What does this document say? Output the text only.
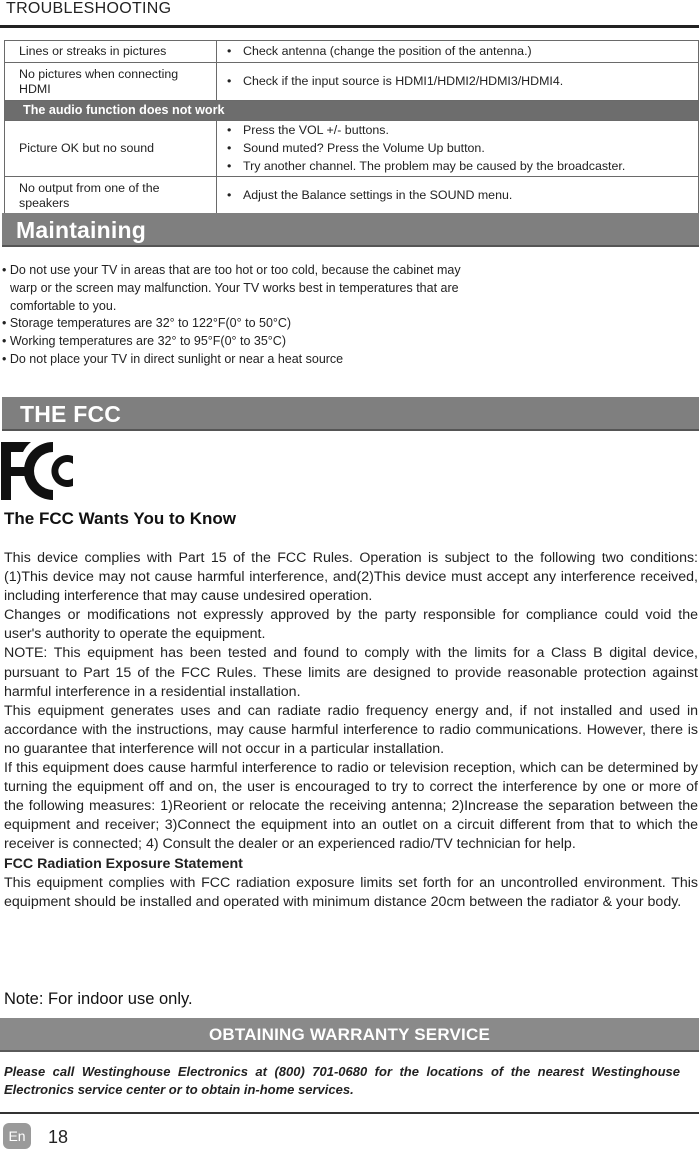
TROUBLESHOOTING
Lines or streaks in pictures	• Check antenna (change the position of the antenna.)

No pictures when connecting HDMI	• Check if the input source is HDMI1/HDMI2/HDMI3/HDMI4.

The audio function does not work	
Picture OK but no sound	• Press the VOL +/- buttons.
• Sound muted? Press the Volume Up button.
• Try another channel. The problem may be caused by the broadcaster.

No output from one of the speakers	• Adjust the Balance settings in the SOUND menu.
Maintaining
• Do not use your TV in areas that are too hot or too cold, because the cabinet may
warp or the screen may malfunction. Your TV works best in temperatures that are
comfortable to you.
• Storage temperatures are 32° to 122°F(0° to 50°C)
• Working temperatures are 32° to 95°F(0° to 35°C)
• Do not place your TV in direct sunlight or near a heat source
THE FCC
The FCC Wants You to Know

This device complies with Part 15 of the FCC Rules. Operation is subject to the following two conditions: (1)This device may not cause harmful interference, and(2)This device must accept any interference received, including interference that may cause undesired operation.

Changes or modifications not expressly approved by the party responsible for compliance could void the user's authority to operate the equipment.

NOTE: This equipment has been tested and found to comply with the limits for a Class B digital device, pursuant to Part 15 of the FCC Rules. These limits are designed to provide reasonable protection against harmful interference in a residential installation.

This equipment generates uses and can radiate radio frequency energy and, if not installed and used in accordance with the instructions, may cause harmful interference to radio communications. However, there is no guarantee that interference will not occur in a particular installation.

If this equipment does cause harmful interference to radio or television reception, which can be determined by turning the equipment off and on, the user is encouraged to try to correct the interference by one or more of the following measures: 1)Reorient or relocate the receiving antenna; 2)Increase the separation between the equipment and receiver; 3)Connect the equipment into an outlet on a circuit different from that to which the receiver is connected; 4) Consult the dealer or an experienced radio/TV technician for help.

FCC Radiation Exposure Statement

This equipment complies with FCC radiation exposure limits set forth for an uncontrolled environment. This equipment should be installed and operated with minimum distance 20cm between the radiator & your body.

Note: For indoor use only.
OBTAINING WARRANTY SERVICE
Please call Westinghouse Electronics at (800) 701-0680 for the locations of the nearest Westinghouse Electronics service center or to obtain in-home services.
En	18
